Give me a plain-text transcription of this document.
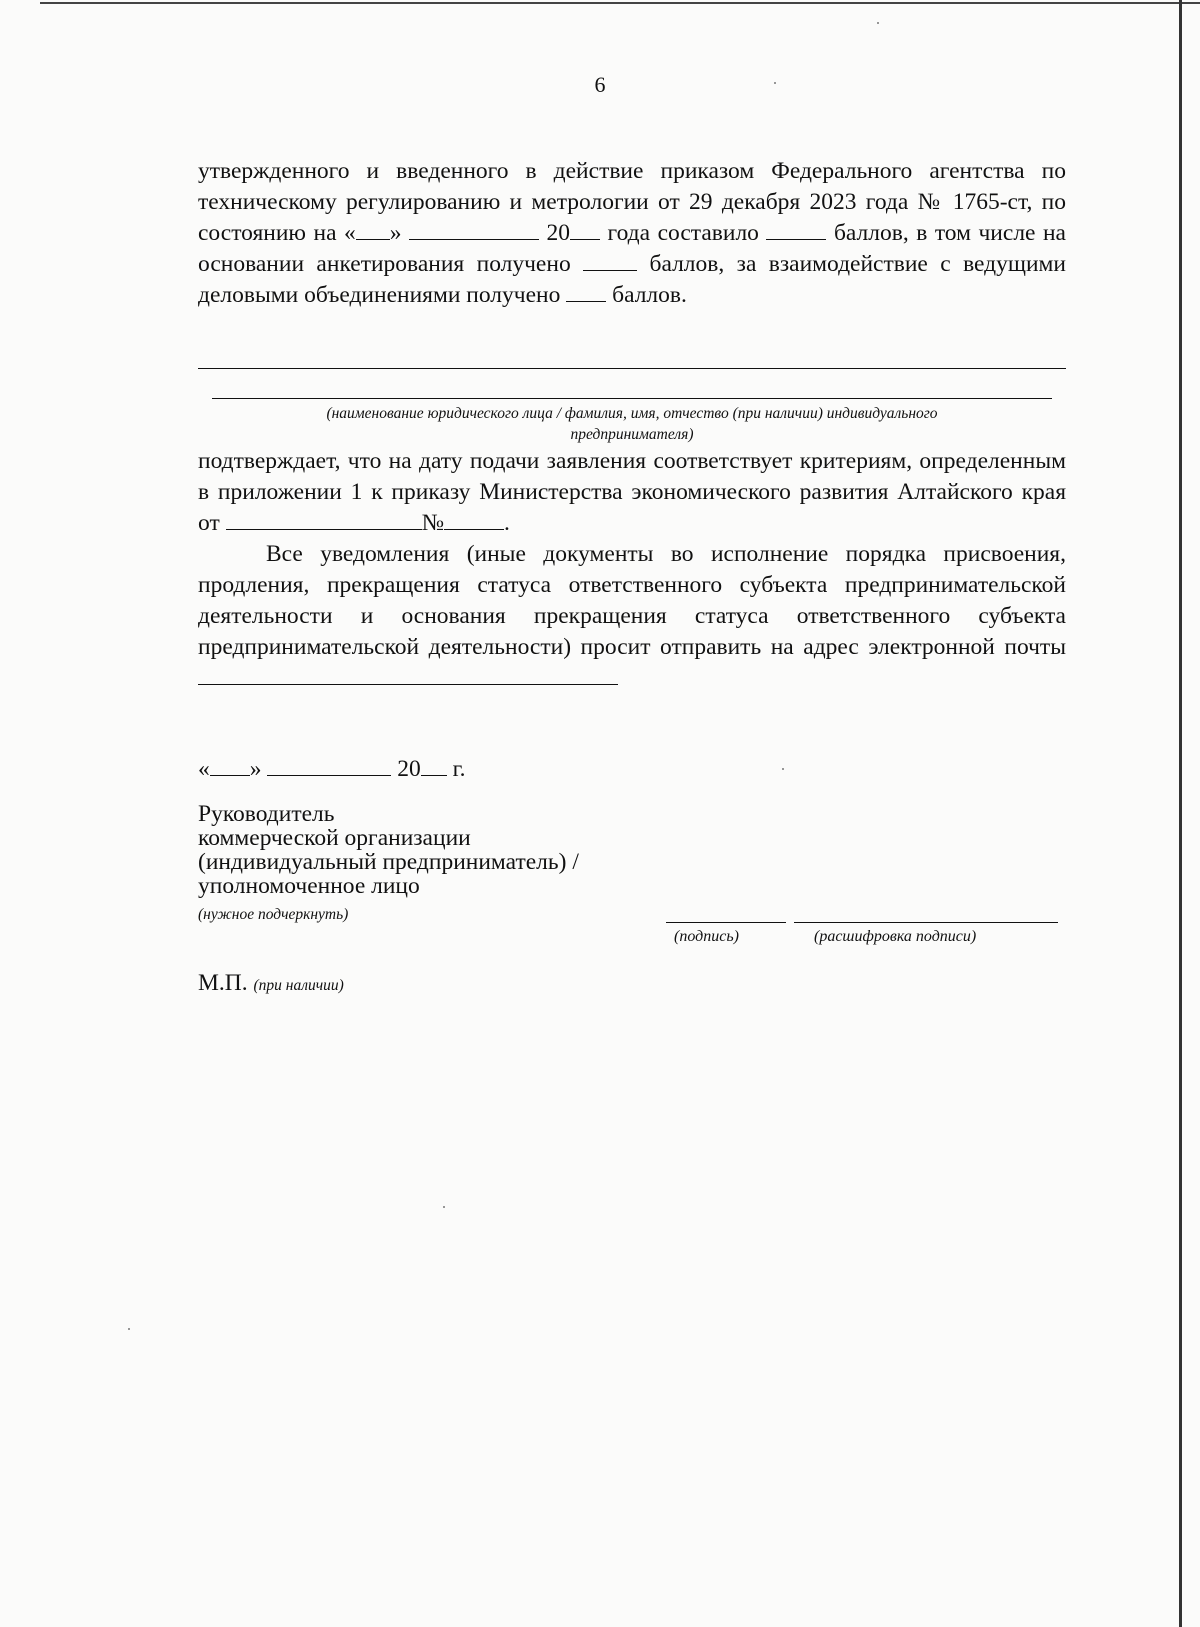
6
утвержденного и введенного в действие приказом Федерального агентства по техническому регулированию и метрологии от 29 декабря 2023 года № 1765-ст, по состоянию на « »	20 года составило	баллов, в том числе на основании анкетирования получено  баллов, за взаимодействие с ведущими деловыми объединениями получено  баллов.
(наименование юридического лица / фамилия, имя, отчество (при наличии) индивидуального
предпринимателя)
подтверждает, что на дату подачи заявления соответствует критериям, определенным в приложении 1 к приказу Министерства экономического развития Алтайского края от	№	.
Все уведомления (иные документы во исполнение порядка присвоения, продления, прекращения статуса ответственного субъекта предпринимательской деятельности и основания прекращения статуса ответственного субъекта предпринимательской деятельности) просит отправить на адрес электронной почты
« »	20 г.
Руководитель
коммерческой организации
(индивидуальный предприниматель) /
уполномоченное лицо
(нужное подчеркнуть)
(подпись)	(расшифровка подписи)
М.П. (при наличии)
